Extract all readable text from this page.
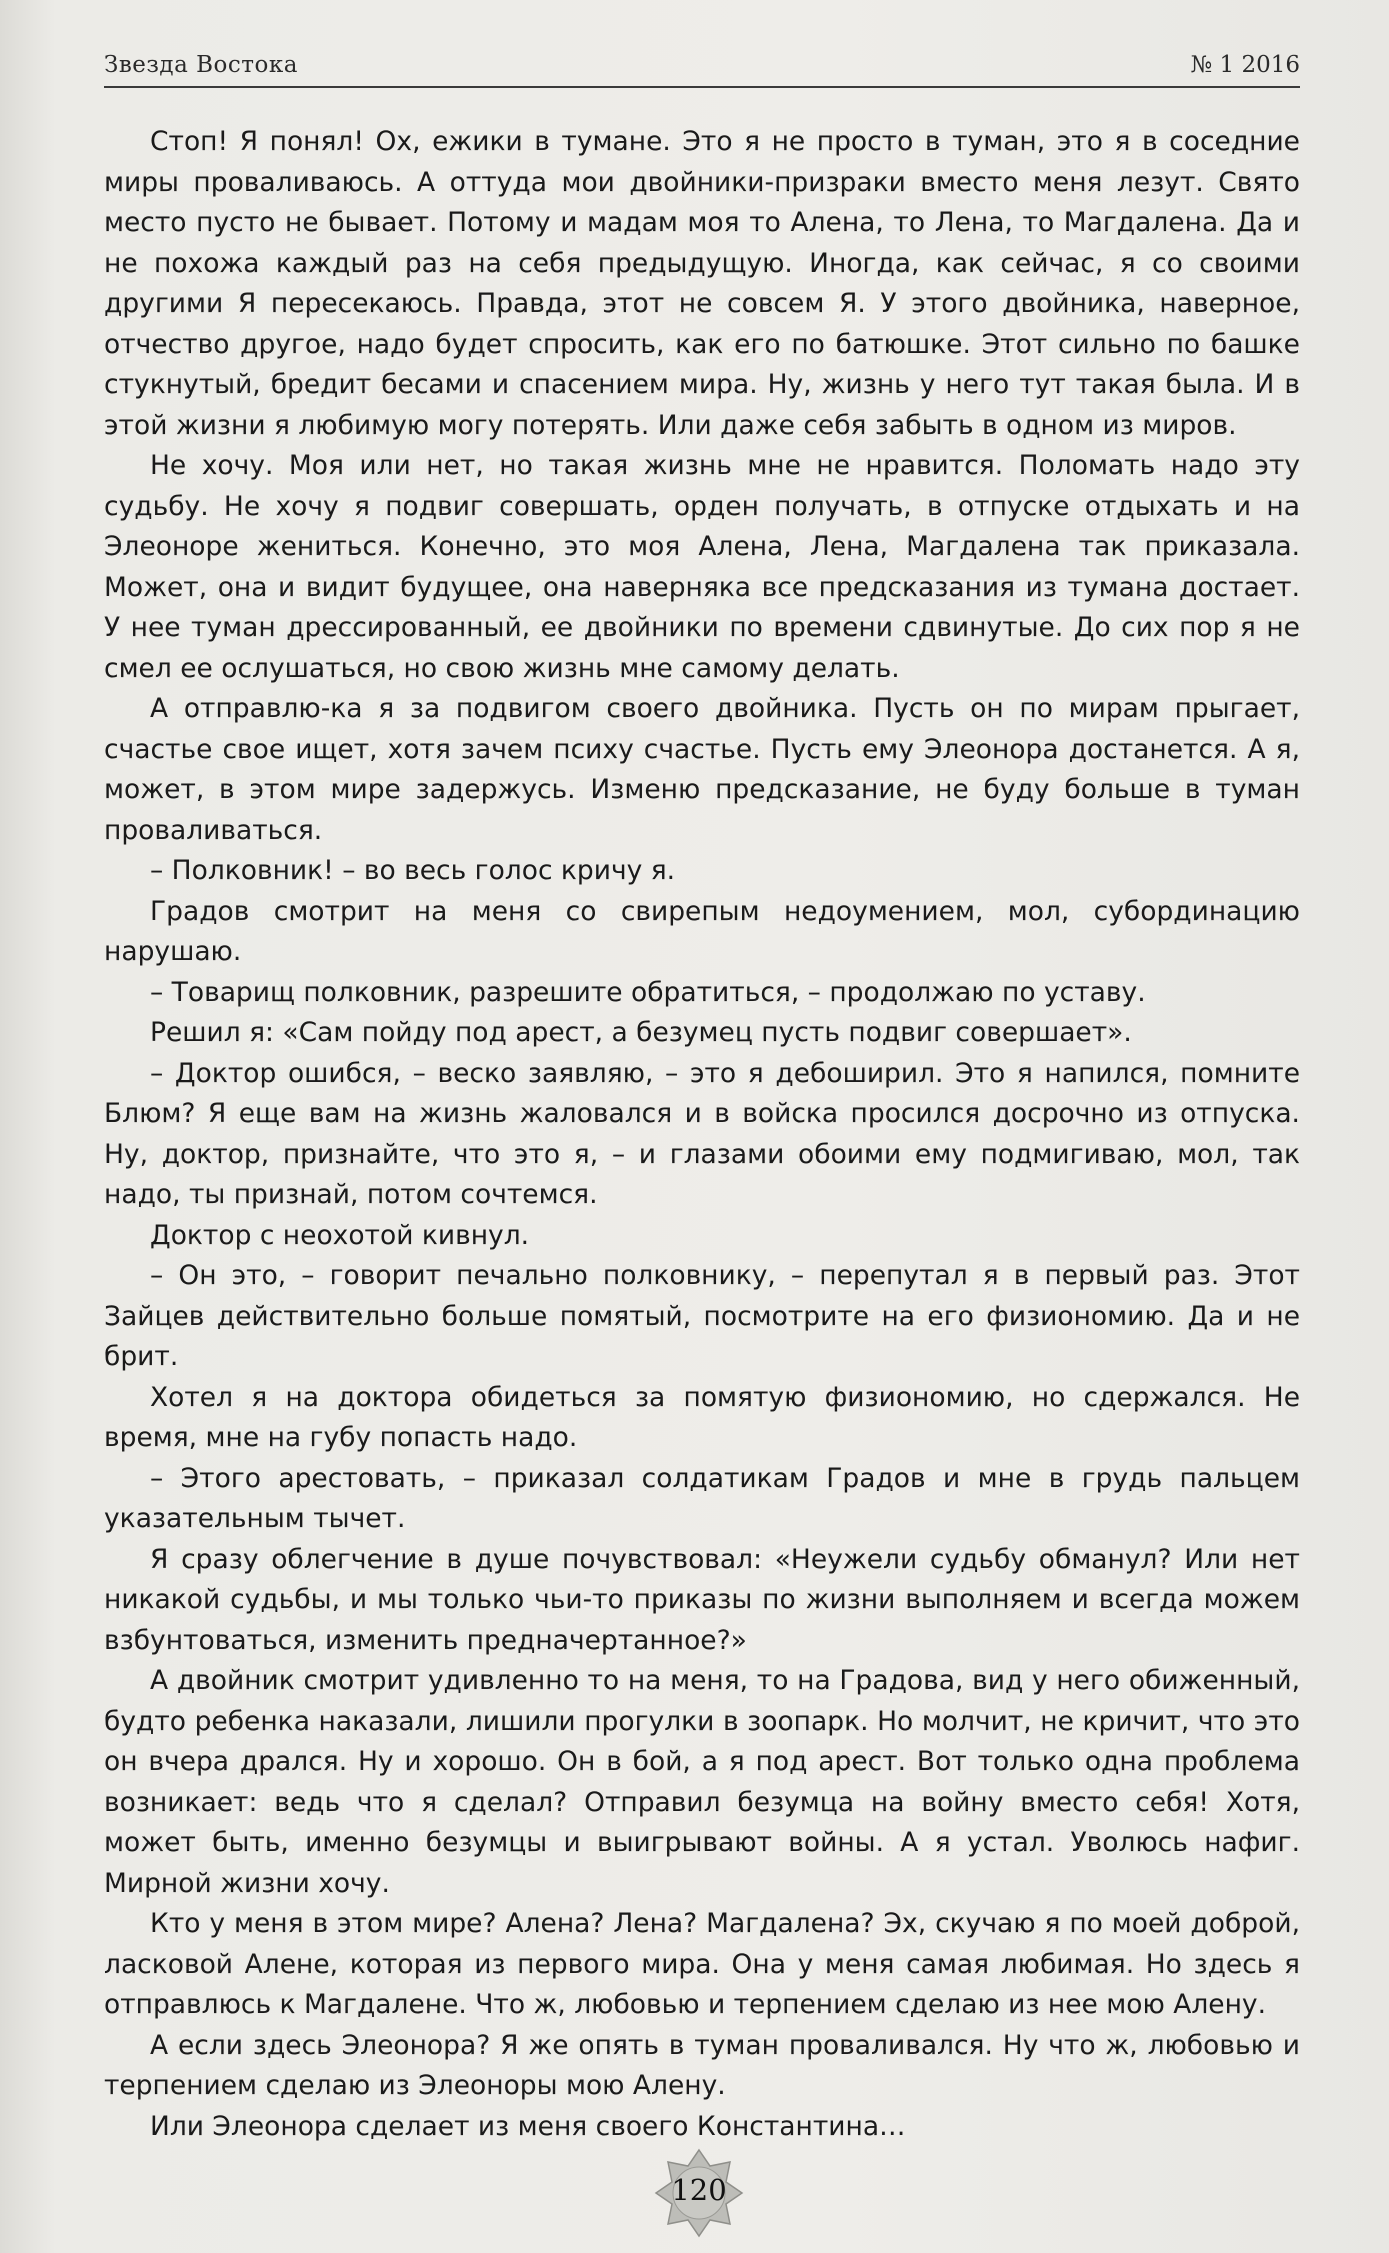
Звезда Востока	№ 1 2016

Стоп! Я понял! Ох, ежики в тумане. Это я не просто в туман, это я в соседние миры проваливаюсь. А оттуда мои двойники-призраки вместо меня лезут. Свято место пусто не бывает. Потому и мадам моя то Алена, то Лена, то Магдалена. Да и не похожа каждый раз на себя предыдущую. Иногда, как сейчас, я со своими другими Я пересекаюсь. Правда, этот не совсем Я. У этого двойника, наверное, отчество другое, надо будет спросить, как его по батюшке. Этот сильно по башке стукнутый, бредит бесами и спасением мира. Ну, жизнь у него тут такая была. И в этой жизни я любимую могу потерять. Или даже себя забыть в одном из миров.

Не хочу. Моя или нет, но такая жизнь мне не нравится. Поломать надо эту судьбу. Не хочу я подвиг совершать, орден получать, в отпуске отдыхать и на Элеоноре жениться. Конечно, это моя Алена, Лена, Магдалена так приказала. Может, она и видит будущее, она наверняка все предсказания из тумана достает. У нее туман дрессированный, ее двойники по времени сдвинутые. До сих пор я не смел ее ослушаться, но свою жизнь мне самому делать.

А отправлю-ка я за подвигом своего двойника. Пусть он по мирам прыгает, счастье свое ищет, хотя зачем психу счастье. Пусть ему Элеонора достанется. А я, может, в этом мире задержусь. Изменю предсказание, не буду больше в туман проваливаться.

– Полковник! – во весь голос кричу я.

Градов смотрит на меня со свирепым недоумением, мол, субординацию нарушаю.

– Товарищ полковник, разрешите обратиться, – продолжаю по уставу.

Решил я: «Сам пойду под арест, а безумец пусть подвиг совершает».

– Доктор ошибся, – веско заявляю, – это я дебоширил. Это я напился, помните Блюм? Я еще вам на жизнь жаловался и в войска просился досрочно из отпуска. Ну, доктор, признайте, что это я, – и глазами обоими ему подмигиваю, мол, так надо, ты признай, потом сочтемся.

Доктор с неохотой кивнул.

– Он это, – говорит печально полковнику, – перепутал я в первый раз. Этот Зайцев действительно больше помятый, посмотрите на его физиономию. Да и не брит.

Хотел я на доктора обидеться за помятую физиономию, но сдержался. Не время, мне на губу попасть надо.

– Этого арестовать, – приказал солдатикам Градов и мне в грудь пальцем указательным тычет.

Я сразу облегчение в душе почувствовал: «Неужели судьбу обманул? Или нет никакой судьбы, и мы только чьи-то приказы по жизни выполняем и всегда можем взбунтоваться, изменить предначертанное?»

А двойник смотрит удивленно то на меня, то на Градова, вид у него обиженный, будто ребенка наказали, лишили прогулки в зоопарк. Но молчит, не кричит, что это он вчера дрался. Ну и хорошо. Он в бой, а я под арест. Вот только одна проблема возникает: ведь что я сделал? Отправил безумца на войну вместо себя! Хотя, может быть, именно безумцы и выигрывают войны. А я устал. Уволюсь нафиг. Мирной жизни хочу.

Кто у меня в этом мире? Алена? Лена? Магдалена? Эх, скучаю я по моей доброй, ласковой Алене, которая из первого мира. Она у меня самая любимая. Но здесь я отправлюсь к Магдалене. Что ж, любовью и терпением сделаю из нее мою Алену.

А если здесь Элеонора? Я же опять в туман проваливался. Ну что ж, любовью и терпением сделаю из Элеоноры мою Алену.

Или Элеонора сделает из меня своего Константина…

120
